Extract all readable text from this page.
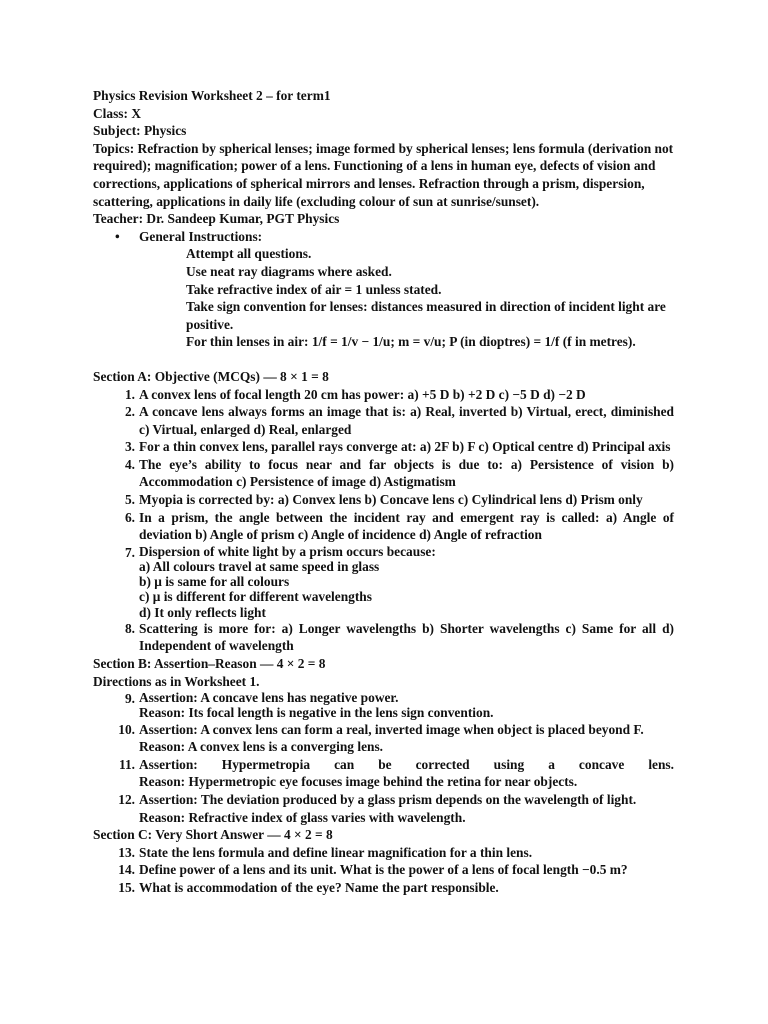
Physics Revision Worksheet 2 – for term1

Class: X

Subject: Physics

Topics: Refraction by spherical lenses; image formed by spherical lenses; lens formula (derivation not required); magnification; power of a lens. Functioning of a lens in human eye, defects of vision and corrections, applications of spherical mirrors and lenses. Refraction through a prism, dispersion, scattering, applications in daily life (excluding colour of sun at sunrise/sunset).

Teacher: Dr. Sandeep Kumar, PGT Physics

•	General Instructions:

Attempt all questions.

Use neat ray diagrams where asked.

Take refractive index of air = 1 unless stated.

Take sign convention for lenses: distances measured in direction of incident light are positive.

For thin lenses in air: 1/f = 1/v − 1/u; m = v/u; P (in dioptres) = 1/f (f in metres).

Section A: Objective (MCQs) — 8 × 1 = 8

1. A convex lens of focal length 20 cm has power: a) +5 D b) +2 D c) −5 D d) −2 D
2. A concave lens always forms an image that is: a) Real, inverted b) Virtual, erect, diminished c) Virtual, enlarged d) Real, enlarged
3. For a thin convex lens, parallel rays converge at: a) 2F b) F c) Optical centre d) Principal axis
4. The eye’s ability to focus near and far objects is due to: a) Persistence of vision b) Accommodation c) Persistence of image d) Astigmatism
5. Myopia is corrected by: a) Convex lens b) Concave lens c) Cylindrical lens d) Prism only
6. In a prism, the angle between the incident ray and emergent ray is called: a) Angle of deviation b) Angle of prism c) Angle of incidence d) Angle of refraction
7. Dispersion of white light by a prism occurs because:
a) All colours travel at same speed in glass
b) μ is same for all colours
c) μ is different for different wavelengths
d) It only reflects light
8. Scattering is more for: a) Longer wavelengths b) Shorter wavelengths c) Same for all d) Independent of wavelength

Section B: Assertion–Reason — 4 × 2 = 8

Directions as in Worksheet 1.

9. Assertion: A concave lens has negative power.
Reason: Its focal length is negative in the lens sign convention.
10. Assertion: A convex lens can form a real, inverted image when object is placed beyond F.
Reason: A convex lens is a converging lens.
11. Assertion: Hypermetropia can be corrected using a concave lens.
Reason: Hypermetropic eye focuses image behind the retina for near objects.
12. Assertion: The deviation produced by a glass prism depends on the wavelength of light.
Reason: Refractive index of glass varies with wavelength.

Section C: Very Short Answer — 4 × 2 = 8

13. State the lens formula and define linear magnification for a thin lens.
14. Define power of a lens and its unit. What is the power of a lens of focal length −0.5 m?
15. What is accommodation of the eye? Name the part responsible.
